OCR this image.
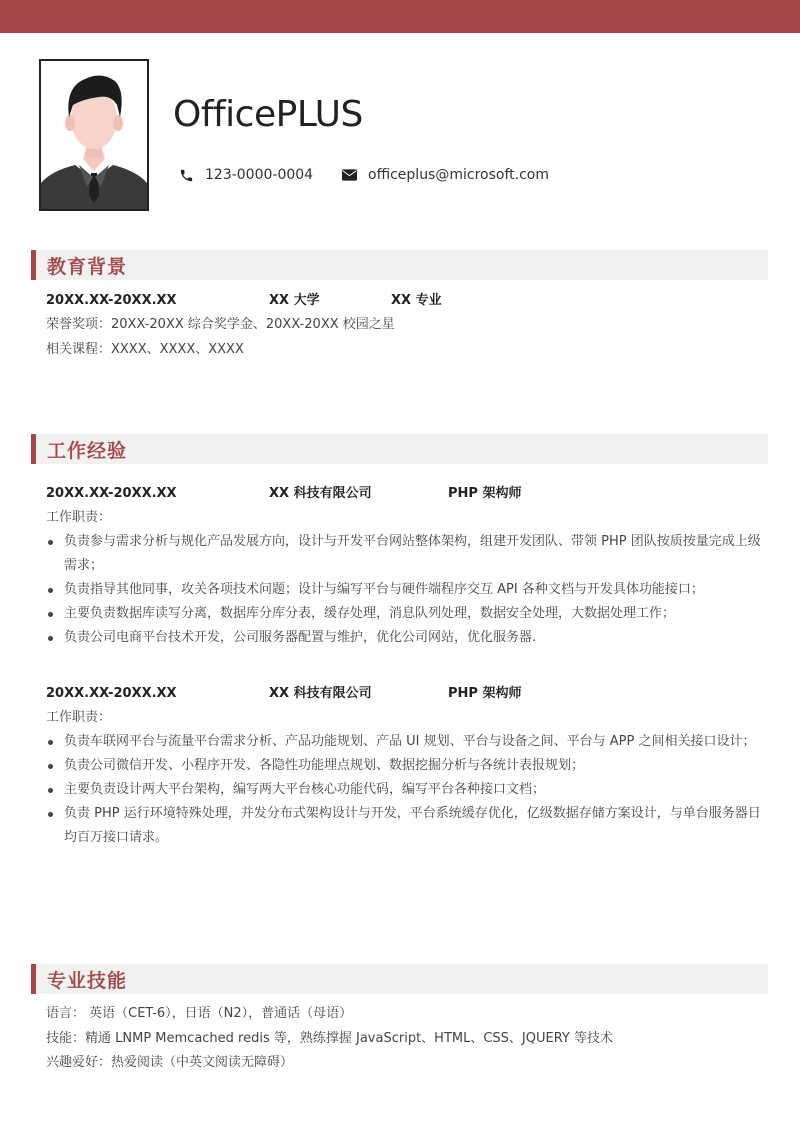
OfficePLUS
123-0000-0004	officeplus@microsoft.com
教育背景
20XX.XX-20XX.XX	XX 大学	XX 专业
荣誉奖项：20XX-20XX 综合奖学金、20XX-20XX 校园之星
相关课程：XXXX、XXXX、XXXX
工作经验
20XX.XX-20XX.XX	XX 科技有限公司	PHP 架构师
工作职责：
负责参与需求分析与规化产品发展方向，设计与开发平台网站整体架构，组建开发团队、带领 PHP 团队按质按量完成上级需求；
负责指导其他同事，攻关各项技术问题；设计与编写平台与硬件端程序交互 API 各种文档与开发具体功能接口；
主要负责数据库读写分离，数据库分库分表，缓存处理，消息队列处理，数据安全处理，大数据处理工作；
负责公司电商平台技术开发，公司服务器配置与维护，优化公司网站，优化服务器.
20XX.XX-20XX.XX	XX 科技有限公司	PHP 架构师
工作职责：
负责车联网平台与流量平台需求分析、产品功能规划、产品 UI 规划、平台与设备之间、平台与 APP 之间相关接口设计；
负责公司微信开发、小程序开发、各隐性功能埋点规划、数据挖掘分析与各统计表报规划；
主要负责设计两大平台架构，编写两大平台核心功能代码，编写平台各种接口文档；
负责 PHP 运行环境特殊处理，并发分布式架构设计与开发，平台系统缓存优化，亿级数据存储方案设计，与单台服务器日均百万接口请求。
专业技能
语言： 英语（CET-6），日语（N2），普通话（母语）
技能：精通 LNMP Memcached redis 等，熟练撑握 JavaScript、HTML、CSS、JQUERY 等技术
兴趣爱好：热爱阅读（中英文阅读无障碍）
